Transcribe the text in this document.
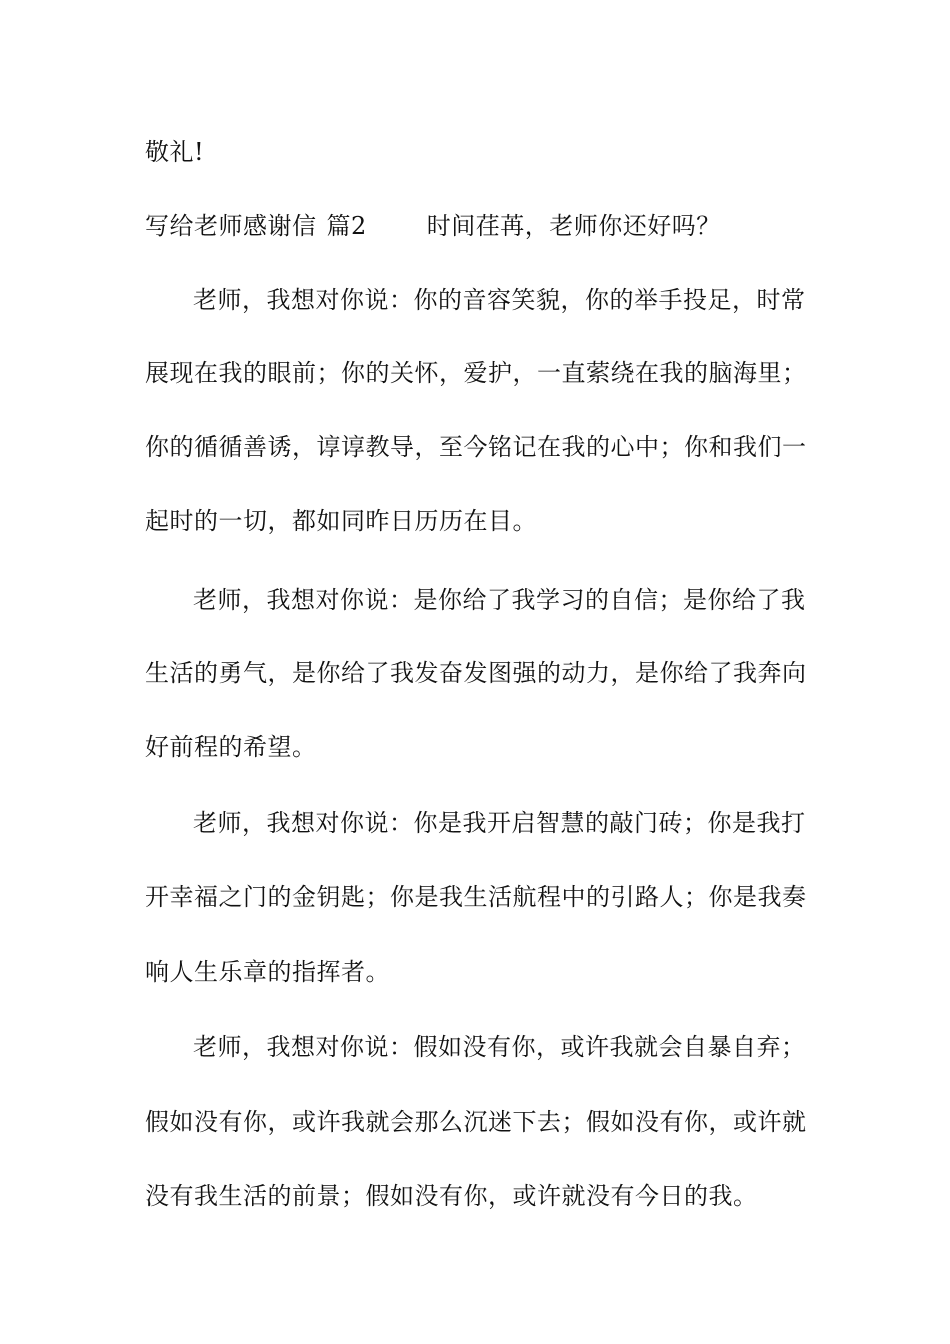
敬礼!
写给老师感谢信 篇2	时间荏苒，老师你还好吗？
老师，我想对你说：你的音容笑貌，你的举手投足，时常
展现在我的眼前；你的关怀，爱护，一直萦绕在我的脑海里；
你的循循善诱，谆谆教导，至今铭记在我的心中；你和我们一
起时的一切，都如同昨日历历在目。
老师，我想对你说：是你给了我学习的自信；是你给了我
生活的勇气，是你给了我发奋发图强的动力，是你给了我奔向
好前程的希望。
老师，我想对你说：你是我开启智慧的敲门砖；你是我打
开幸福之门的金钥匙；你是我生活航程中的引路人；你是我奏
响人生乐章的指挥者。
老师，我想对你说：假如没有你，或许我就会自暴自弃；
假如没有你，或许我就会那么沉迷下去；假如没有你，或许就
没有我生活的前景；假如没有你，或许就没有今日的我。
